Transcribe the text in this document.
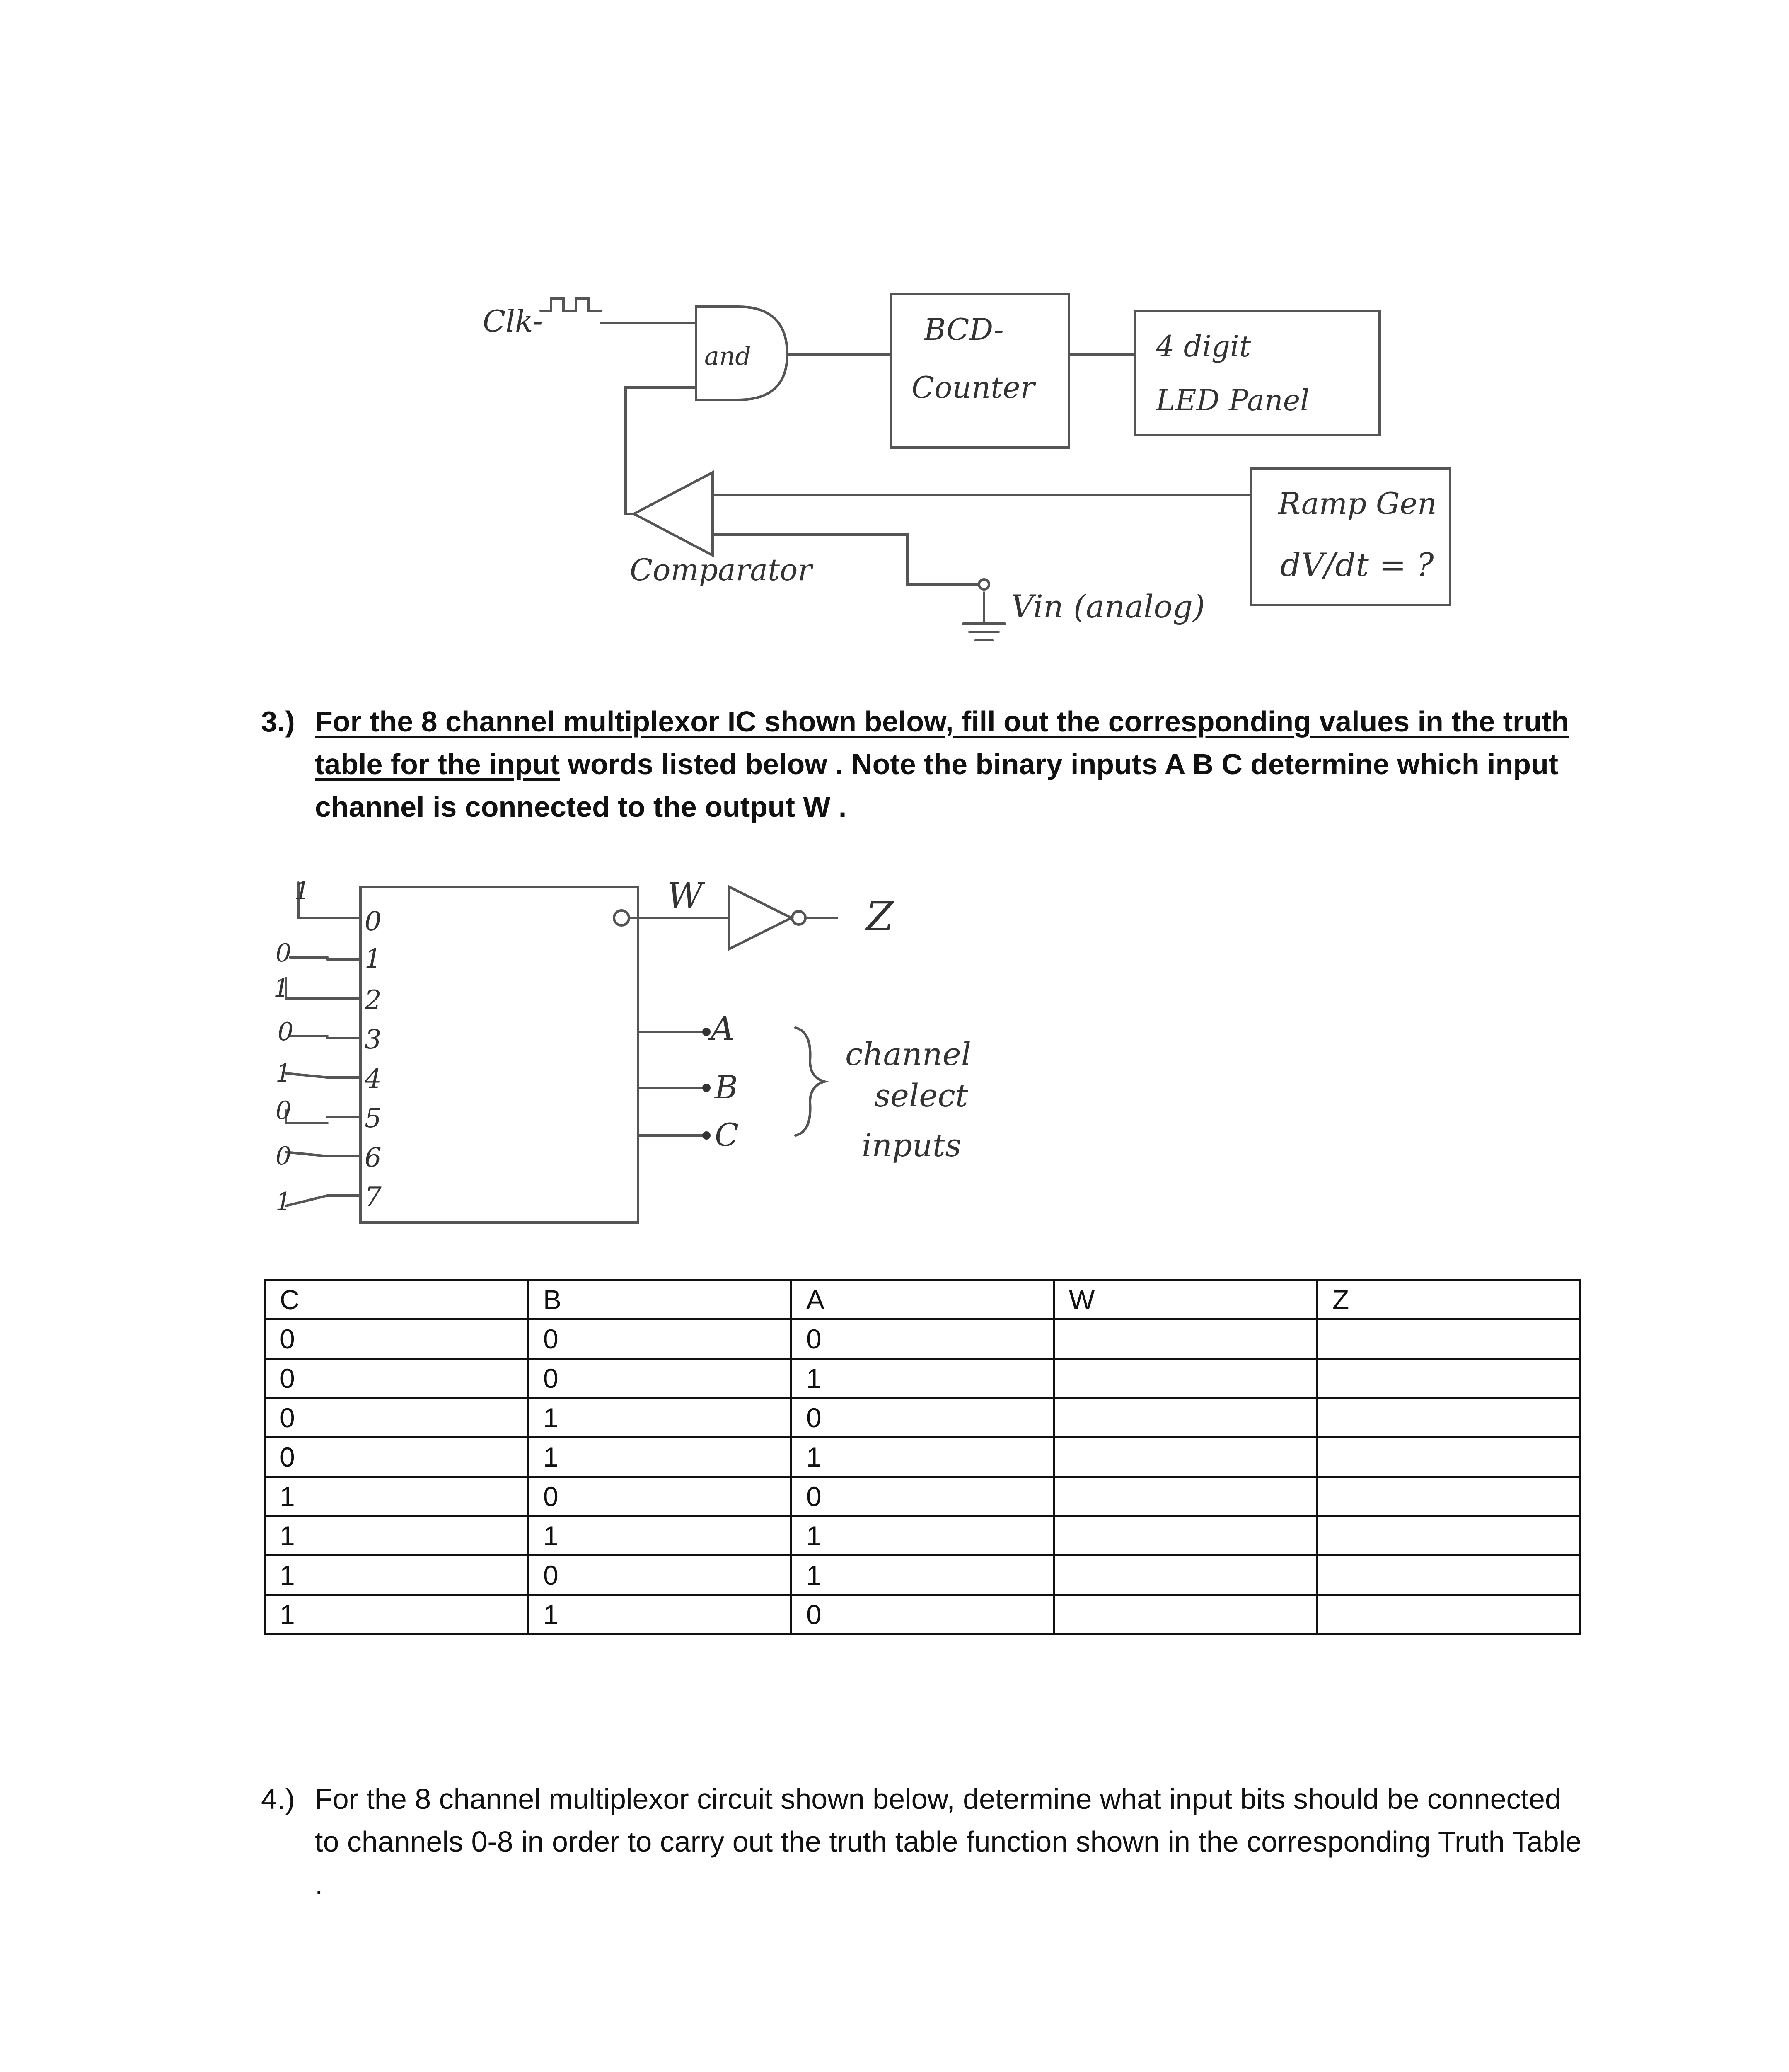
Clk-
and
BCD-
Counter
4 digit
LED Panel
Ramp Gen
dV/dt = ?
Comparator
Vin (analog)
3.) For the 8 channel multiplexor IC shown below, fill out the corresponding values in the truth table for the input words listed below . Note the binary inputs A B C determine which input channel is connected to the output W .
W	Z
A
B
C
channel
select
inputs
0
1
2
3
4
5
6
7
1
0
1
0
1
0
0
1
C	B	A	W	Z
0	0	0		
0	0	1		
0	1	0		
0	1	1		
1	0	0		
1	1	1		
1	0	1		
1	1	0		
4.) For the 8 channel multiplexor circuit shown below, determine what input bits should be connected to channels 0-8 in order to carry out the truth table function shown in the corresponding Truth Table .
